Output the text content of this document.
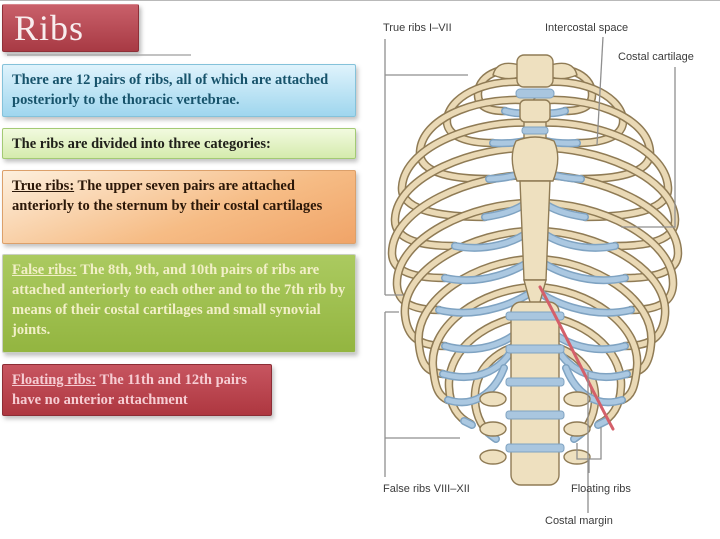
Ribs
There are 12 pairs of ribs, all of which are attached posteriorly to the thoracic vertebrae.
The ribs are divided into three categories:
True ribs: The upper seven pairs are attached anteriorly to the sternum by their costal cartilages
False ribs: The 8th, 9th, and 10th pairs of ribs are attached anteriorly to each other and to the 7th rib by means of their costal cartilages and small synovial joints.
Floating ribs: The 11th and 12th pairs have no anterior attachment
True ribs I–VII	Intercostal space
Costal cartilage
False ribs VIII–XII	Floating ribs
Costal margin
